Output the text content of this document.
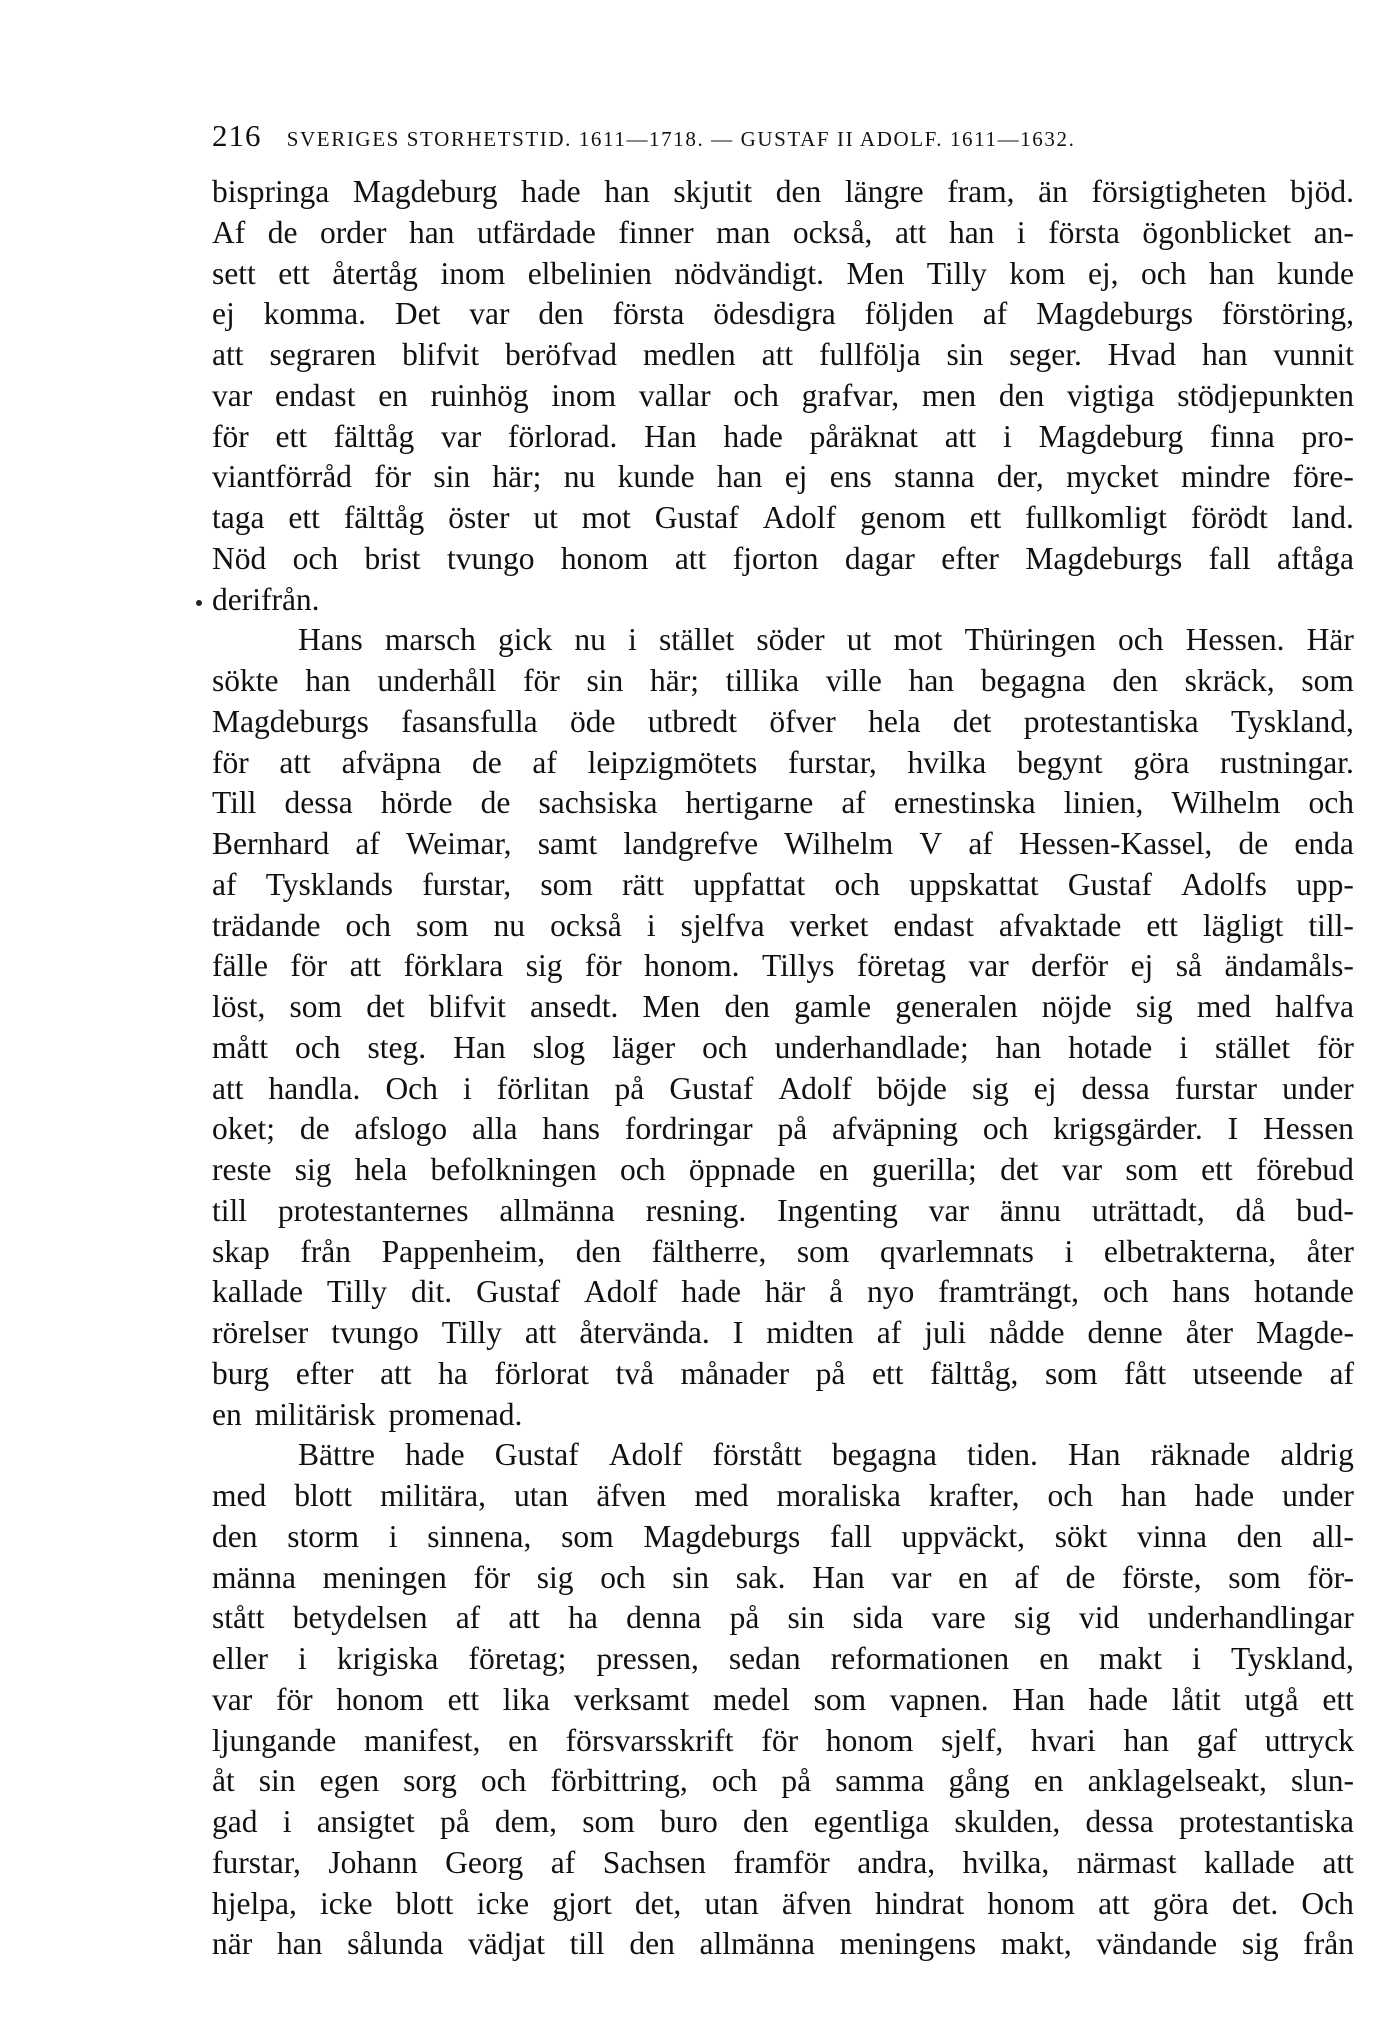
216 SVERIGES STORHETSTID. 1611—1718. — GUSTAF II ADOLF. 1611—1632.
bispringa Magdeburg hade han skjutit den längre fram, än försigtigheten bjöd.
Af de order han utfärdade finner man också, att han i första ögonblicket an-
sett ett återtåg inom elbelinien nödvändigt. Men Tilly kom ej, och han kunde
ej komma. Det var den första ödesdigra följden af Magdeburgs förstöring,
att segraren blifvit beröfvad medlen att fullfölja sin seger. Hvad han vunnit
var endast en ruinhög inom vallar och grafvar, men den vigtiga stödjepunkten
för ett fälttåg var förlorad. Han hade påräknat att i Magdeburg finna pro-
viantförråd för sin här; nu kunde han ej ens stanna der, mycket mindre före-
taga ett fälttåg öster ut mot Gustaf Adolf genom ett fullkomligt förödt land.
Nöd och brist tvungo honom att fjorton dagar efter Magdeburgs fall aftåga
derifrån.
Hans marsch gick nu i stället söder ut mot Thüringen och Hessen. Här
sökte han underhåll för sin här; tillika ville han begagna den skräck, som
Magdeburgs fasansfulla öde utbredt öfver hela det protestantiska Tyskland,
för att afväpna de af leipzigmötets furstar, hvilka begynt göra rustningar.
Till dessa hörde de sachsiska hertigarne af ernestinska linien, Wilhelm och
Bernhard af Weimar, samt landgrefve Wilhelm V af Hessen-Kassel, de enda
af Tysklands furstar, som rätt uppfattat och uppskattat Gustaf Adolfs upp-
trädande och som nu också i sjelfva verket endast afvaktade ett lägligt till-
fälle för att förklara sig för honom. Tillys företag var derför ej så ändamåls-
löst, som det blifvit ansedt. Men den gamle generalen nöjde sig med halfva
mått och steg. Han slog läger och underhandlade; han hotade i stället för
att handla. Och i förlitan på Gustaf Adolf böjde sig ej dessa furstar under
oket; de afslogo alla hans fordringar på afväpning och krigsgärder. I Hessen
reste sig hela befolkningen och öppnade en guerilla; det var som ett förebud
till protestanternes allmänna resning. Ingenting var ännu uträttadt, då bud-
skap från Pappenheim, den fältherre, som qvarlemnats i elbetrakterna, åter
kallade Tilly dit. Gustaf Adolf hade här å nyo framträngt, och hans hotande
rörelser tvungo Tilly att återvända. I midten af juli nådde denne åter Magde-
burg efter att ha förlorat två månader på ett fälttåg, som fått utseende af
en militärisk promenad.
Bättre hade Gustaf Adolf förstått begagna tiden. Han räknade aldrig
med blott militära, utan äfven med moraliska krafter, och han hade under
den storm i sinnena, som Magdeburgs fall uppväckt, sökt vinna den all-
männa meningen för sig och sin sak. Han var en af de förste, som för-
stått betydelsen af att ha denna på sin sida vare sig vid underhandlingar
eller i krigiska företag; pressen, sedan reformationen en makt i Tyskland,
var för honom ett lika verksamt medel som vapnen. Han hade låtit utgå ett
ljungande manifest, en försvarsskrift för honom sjelf, hvari han gaf uttryck
åt sin egen sorg och förbittring, och på samma gång en anklagelseakt, slun-
gad i ansigtet på dem, som buro den egentliga skulden, dessa protestantiska
furstar, Johann Georg af Sachsen framför andra, hvilka, närmast kallade att
hjelpa, icke blott icke gjort det, utan äfven hindrat honom att göra det. Och
när han sålunda vädjat till den allmänna meningens makt, vändande sig från
